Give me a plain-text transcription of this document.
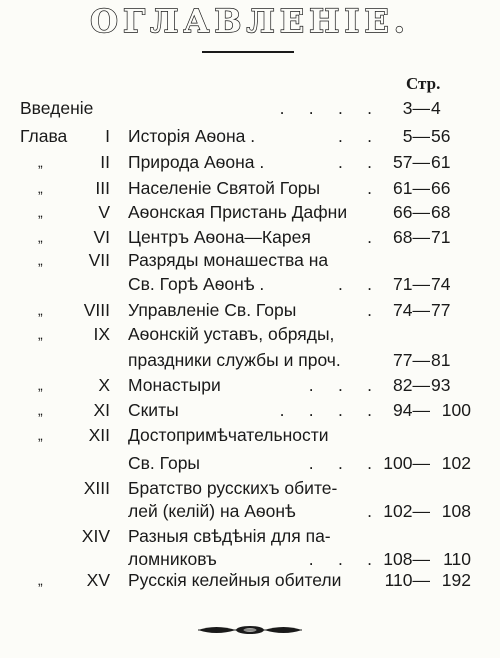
ОГЛАВЛЕНІЕ.
Стр.
Введеніе	3— 4
.     .     .     .
Глава	I Исторія Аѳона .	5— 56
.     .
„	II Природа Аѳона .	57— 61
.     .
„	III Населеніе Святой Горы	61— 66
.
„	V Аѳонская Пристань Дафни	66— 68
„	VI Центръ Аѳона—Карея	68— 71
.
„	VII Разряды монашества на
Св. Горѣ Аѳонѣ .	71— 74
.     .
„	VIII Управленіе Св. Горы	74— 77
.
„	IX Аѳонскій уставъ, обряды,
праздники службы и проч.	77— 81
„	X Монастыри	82— 93
.     .     .
„	XI Скиты	94— 100
.     .     .     .
„	XII Достопримѣчательности
Св. Горы	100— 102
.     .     .
XIII Братство русскихъ обите-
лей (келій) на Аѳонѣ	102— 108
.
XIV Разныя свѣдѣнія для па-
ломниковъ	108— 110
.     .     .
„	XV Русскія келейныя обители 110— 192
